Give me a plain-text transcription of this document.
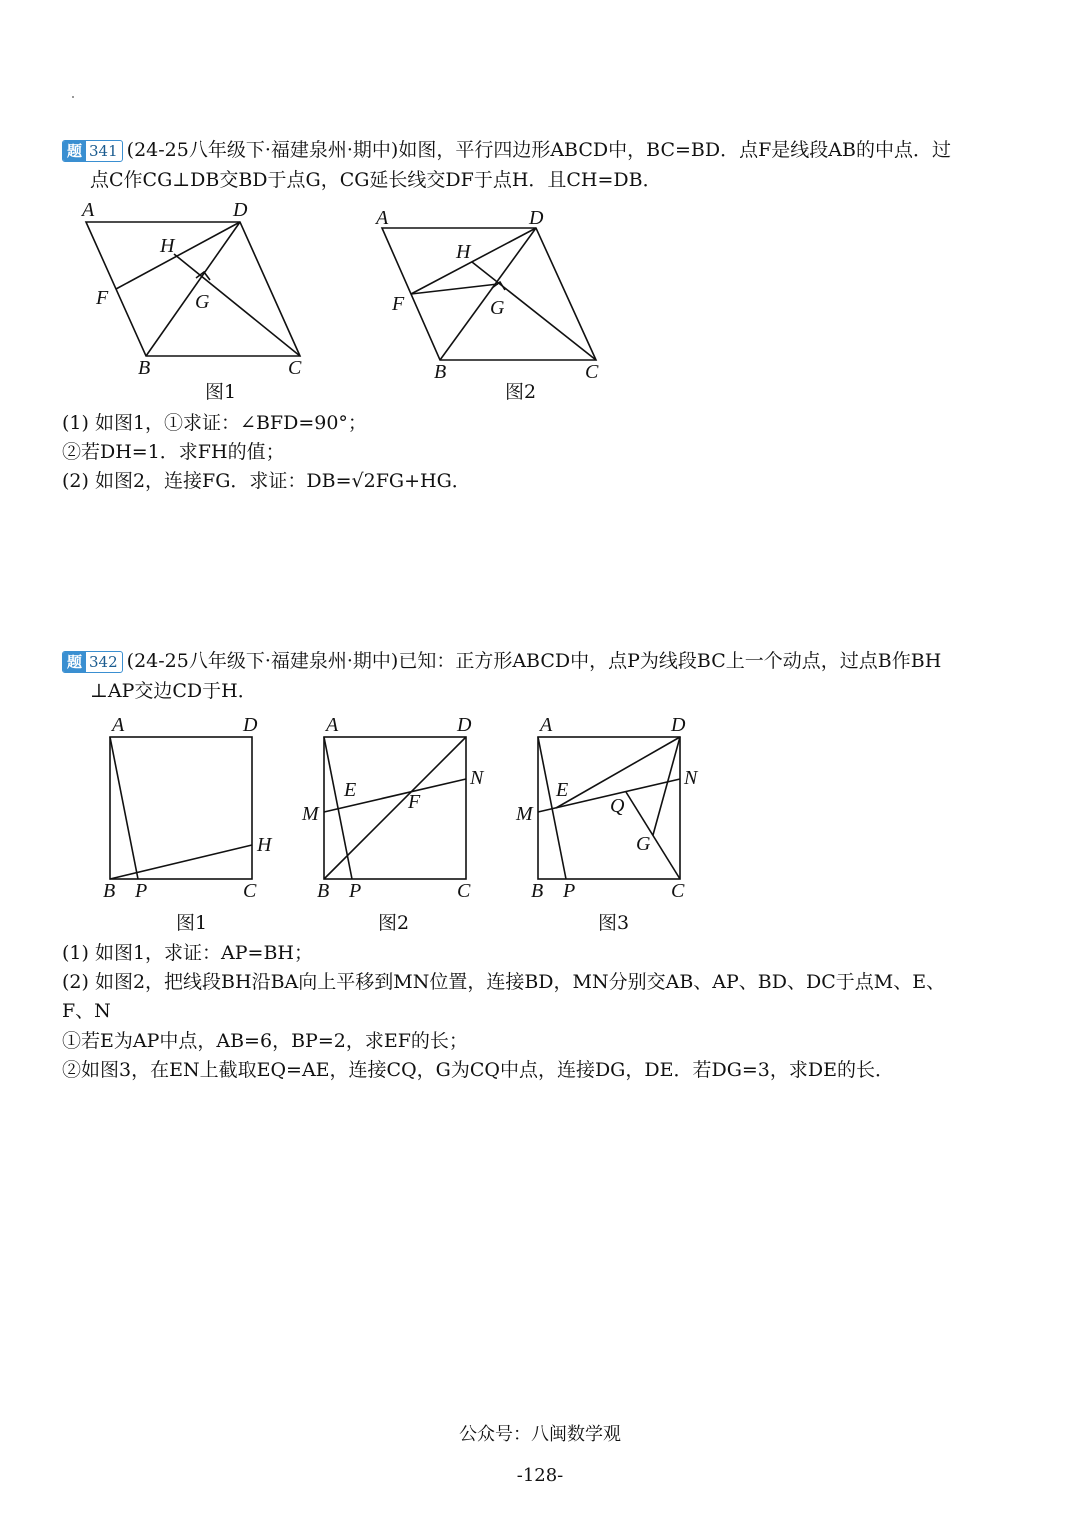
题 341 (24-25八年级下·福建泉州·期中)如图，平行四边形ABCD中，BC=BD．点F是线段AB的中点．过
点C作CG⊥DB交BD于点G，CG延长线交DF于点H．且CH=DB．
A	D
H
F	G
B	C
图1
A	D
H
F	G
B	C
图2
(1) 如图1，①求证：∠BFD=90°；
②若DH=1．求FH的值；
(2) 如图2，连接FG．求证：DB=√2FG+HG．
题 342 (24-25八年级下·福建泉州·期中)已知：正方形ABCD中，点P为线段BC上一个动点，过点B作BH
⊥AP交边CD于H．
A	D
H
B P	C
图1
A	D
E
F
M
N
B P	C
图2
A	D
E
Q
G
M
N
B P	C
图3
(1) 如图1，求证：AP=BH；
(2) 如图2，把线段BH沿BA向上平移到MN位置，连接BD，MN分别交AB、AP、BD、DC于点M、E、
F、N
①若E为AP中点，AB=6，BP=2，求EF的长；
②如图3，在EN上截取EQ=AE，连接CQ，G为CQ中点，连接DG，DE．若DG=3，求DE的长．
公众号：八闽数学观
-128-
